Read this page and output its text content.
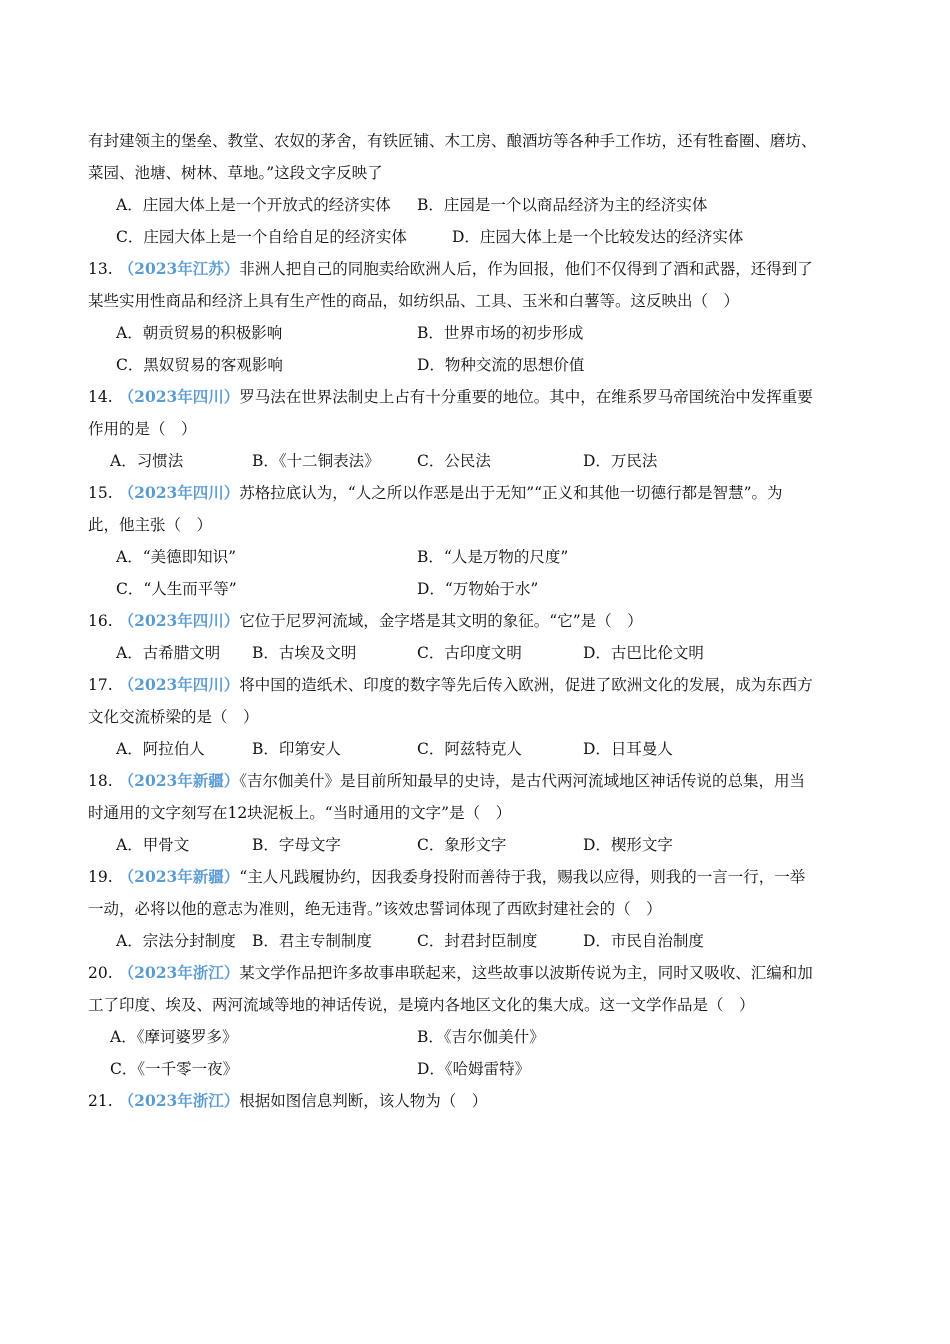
有封建领主的堡垒、教堂、农奴的茅舍，有铁匠铺、木工房、酿酒坊等各种手工作坊，还有牲畜圈、磨坊、
菜园、池塘、树林、草地。”这段文字反映了
A．庄园大体上是一个开放式的经济实体 B．庄园是一个以商品经济为主的经济实体
C．庄园大体上是一个自给自足的经济实体	D．庄园大体上是一个比较发达的经济实体
13. （2023年江苏）非洲人把自己的同胞卖给欧洲人后，作为回报，他们不仅得到了酒和武器，还得到了
某些实用性商品和经济上具有生产性的商品，如纺织品、工具、玉米和白薯等。这反映出（　）
A．朝贡贸易的积极影响	B．世界市场的初步形成
C．黑奴贸易的客观影响	D．物种交流的思想价值
14. （2023年四川）罗马法在世界法制史上占有十分重要的地位。其中，在维系罗马帝国统治中发挥重要
作用的是（　）
A．习惯法	B．《十二铜表法》 C．公民法	D．万民法
15. （2023年四川）苏格拉底认为，“人之所以作恶是出于无知”“正义和其他一切德行都是智慧”。为
此，他主张（　）
A．“美德即知识”	B．“人是万物的尺度”
C．“人生而平等”	D．“万物始于水”
16. （2023年四川）它位于尼罗河流域，金字塔是其文明的象征。“它”是（　）
A．古希腊文明 B．古埃及文明	C．古印度文明	D．古巴比伦文明
17. （2023年四川）将中国的造纸术、印度的数字等先后传入欧洲，促进了欧洲文化的发展，成为东西方
文化交流桥梁的是（　）
A．阿拉伯人	B．印第安人	C．阿兹特克人	D．日耳曼人
18. （2023年新疆）《吉尔伽美什》是目前所知最早的史诗，是古代两河流域地区神话传说的总集，用当
时通用的文字刻写在12块泥板上。“当时通用的文字”是（　）
A．甲骨文	B．字母文字	C．象形文字	D．楔形文字
19. （2023年新疆）“主人凡践履协约，因我委身投附而善待于我，赐我以应得，则我的一言一行，一举
一动，必将以他的意志为准则，绝无违背。”该效忠誓词体现了西欧封建社会的（　）
A．宗法分封制度 B．君主专制制度	C．封君封臣制度	D．市民自治制度
20. （2023年浙江）某文学作品把许多故事串联起来，这些故事以波斯传说为主，同时又吸收、汇编和加
工了印度、埃及、两河流域等地的神话传说，是境内各地区文化的集大成。这一文学作品是（　）
A．《摩诃婆罗多》	B．《吉尔伽美什》
C．《一千零一夜》	D．《哈姆雷特》
21. （2023年浙江）根据如图信息判断，该人物为（　）
